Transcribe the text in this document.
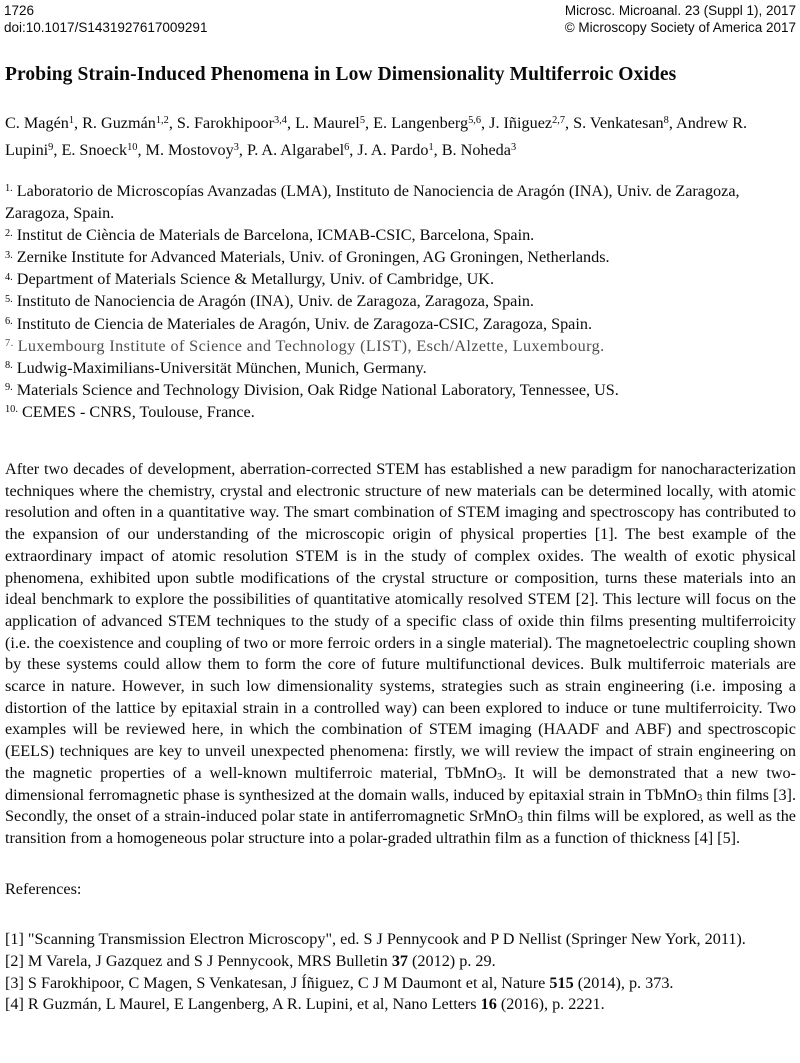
1726
doi:10.1017/S1431927617009291
Microsc. Microanal. 23 (Suppl 1), 2017
© Microscopy Society of America 2017
Probing Strain-Induced Phenomena in Low Dimensionality Multiferroic Oxides

C. Magén$^1$, R. Guzmán$^{1,2}$, S. Farokhipoor$^{3,4}$, L. Maurel$^5$, E. Langenberg$^{5,6}$, J. Iñiguez$^{2,7}$, S. Venkatesan$^8$, Andrew R. Lupini$^9$, E. Snoeck$^{10}$, M. Mostovoy$^3$, P. A. Algarabel$^6$, J. A. Pardo$^1$, B. Noheda$^3$

$^{1.}$ Laboratorio de Microscopías Avanzadas (LMA), Instituto de Nanociencia de Aragón (INA), Univ. de Zaragoza, Zaragoza, Spain.
$^{2.}$ Institut de Ciència de Materials de Barcelona, ICMAB-CSIC, Barcelona, Spain.
$^{3.}$ Zernike Institute for Advanced Materials, Univ. of Groningen, AG Groningen, Netherlands.
$^{4.}$ Department of Materials Science & Metallurgy, Univ. of Cambridge, UK.
$^{5.}$ Instituto de Nanociencia de Aragón (INA), Univ. de Zaragoza, Zaragoza, Spain.
$^{6.}$ Instituto de Ciencia de Materiales de Aragón, Univ. de Zaragoza-CSIC, Zaragoza, Spain.
$^{7.}$ Luxembourg Institute of Science and Technology (LIST), Esch/Alzette, Luxembourg.
$^{8.}$ Ludwig-Maximilians-Universität München, Munich, Germany.
$^{9.}$ Materials Science and Technology Division, Oak Ridge National Laboratory, Tennessee, US.
$^{10.}$ CEMES - CNRS, Toulouse, France.

After two decades of development, aberration-corrected STEM has established a new paradigm for nanocharacterization techniques where the chemistry, crystal and electronic structure of new materials can be determined locally, with atomic resolution and often in a quantitative way. The smart combination of STEM imaging and spectroscopy has contributed to the expansion of our understanding of the microscopic origin of physical properties [1]. The best example of the extraordinary impact of atomic resolution STEM is in the study of complex oxides. The wealth of exotic physical phenomena, exhibited upon subtle modifications of the crystal structure or composition, turns these materials into an ideal benchmark to explore the possibilities of quantitative atomically resolved STEM [2]. This lecture will focus on the application of advanced STEM techniques to the study of a specific class of oxide thin films presenting multiferroicity (i.e. the coexistence and coupling of two or more ferroic orders in a single material). The magnetoelectric coupling shown by these systems could allow them to form the core of future multifunctional devices. Bulk multiferroic materials are scarce in nature. However, in such low dimensionality systems, strategies such as strain engineering (i.e. imposing a distortion of the lattice by epitaxial strain in a controlled way) can been explored to induce or tune multiferroicity. Two examples will be reviewed here, in which the combination of STEM imaging (HAADF and ABF) and spectroscopic (EELS) techniques are key to unveil unexpected phenomena: firstly, we will review the impact of strain engineering on the magnetic properties of a well-known multiferroic material, TbMnO$_3$. It will be demonstrated that a new two-dimensional ferromagnetic phase is synthesized at the domain walls, induced by epitaxial strain in TbMnO$_3$ thin films [3]. Secondly, the onset of a strain-induced polar state in antiferromagnetic SrMnO$_3$ thin films will be explored, as well as the transition from a homogeneous polar structure into a polar-graded ultrathin film as a function of thickness [4] [5].

References:

[1] "Scanning Transmission Electron Microscopy", ed. S J Pennycook and P D Nellist (Springer New York, 2011).
[2] M Varela, J Gazquez and S J Pennycook, MRS Bulletin 37 (2012) p. 29.
[3] S Farokhipoor, C Magen, S Venkatesan, J Íñiguez, C J M Daumont et al, Nature 515 (2014), p. 373.
[4] R Guzmán, L Maurel, E Langenberg, A R. Lupini, et al, Nano Letters 16 (2016), p. 2221.
